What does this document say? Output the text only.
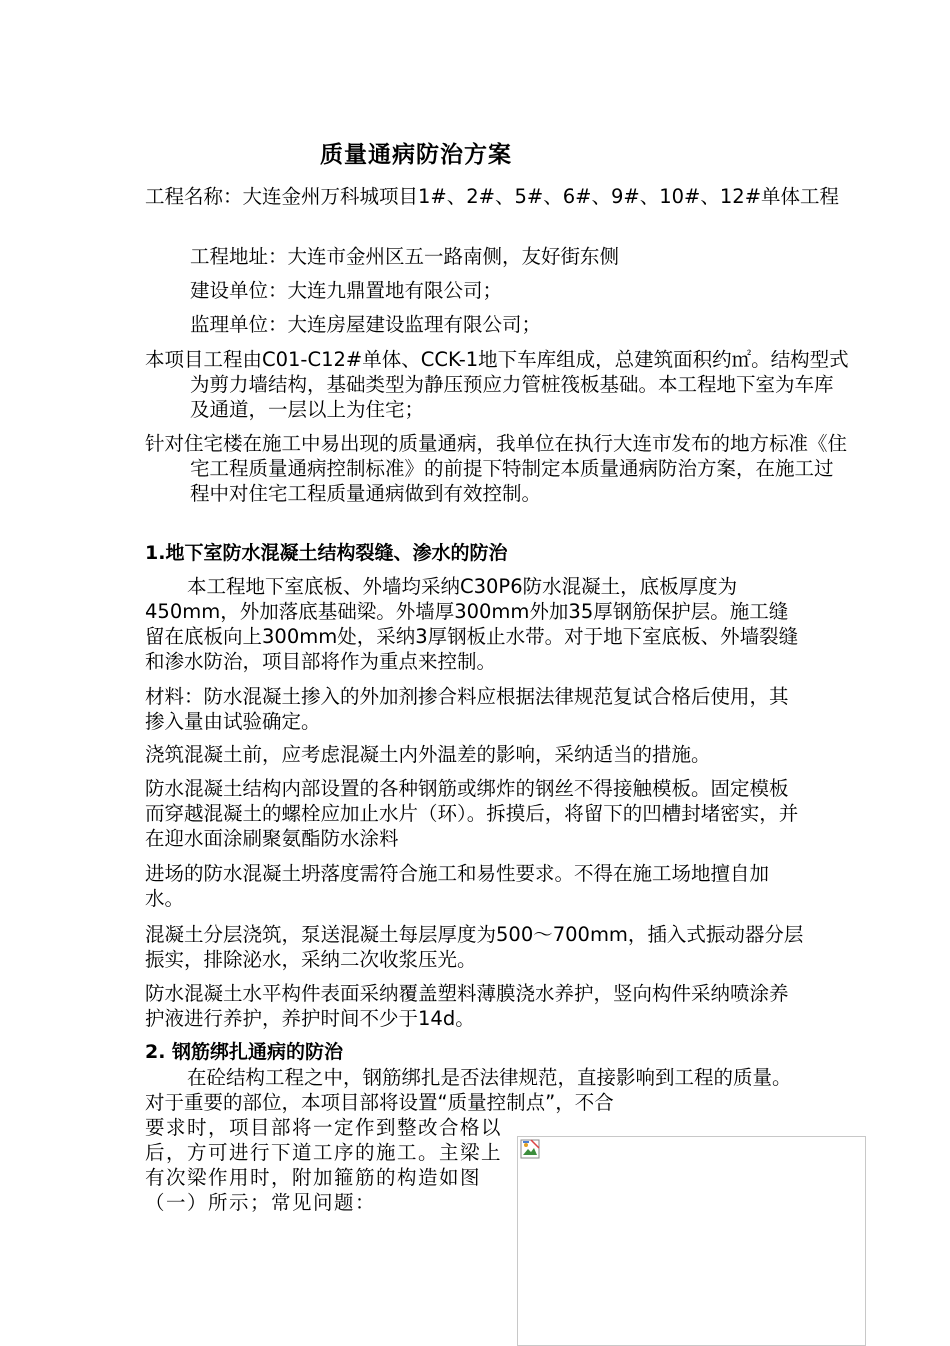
质量通病防治方案
工程名称：大连金州万科城项目1#、2#、5#、6#、9#、10#、12#单体工程
工程地址：大连市金州区五一路南侧，友好街东侧
建设单位：大连九鼎置地有限公司；
监理单位：大连房屋建设监理有限公司；
本项目工程由C01-C12#单体、CCK-1地下车库组成，总建筑面积约㎡。结构型式为剪力墙结构，基础类型为静压预应力管桩筏板基础。本工程地下室为车库及通道，一层以上为住宅；
针对住宅楼在施工中易出现的质量通病，我单位在执行大连市发布的地方标准《住宅工程质量通病控制标准》的前提下特制定本质量通病防治方案，在施工过程中对住宅工程质量通病做到有效控制。
1.地下室防水混凝土结构裂缝、渗水的防治
本工程地下室底板、外墙均采纳C30P6防水混凝土，底板厚度为450mm，外加落底基础梁。外墙厚300mm外加35厚钢筋保护层。施工缝留在底板向上300mm处，采纳3厚钢板止水带。对于地下室底板、外墙裂缝和渗水防治，项目部将作为重点来控制。
材料：防水混凝土掺入的外加剂掺合料应根据法律规范复试合格后使用，其掺入量由试验确定。
浇筑混凝土前，应考虑混凝土内外温差的影响，采纳适当的措施。
防水混凝土结构内部设置的各种钢筋或绑炸的钢丝不得接触模板。固定模板而穿越混凝土的螺栓应加止水片（环）。拆摸后，将留下的凹槽封堵密实，并在迎水面涂刷聚氨酯防水涂料
进场的防水混凝土坍落度需符合施工和易性要求。不得在施工场地擅自加水。
混凝土分层浇筑，泵送混凝土每层厚度为500～700mm，插入式振动器分层振实，排除泌水，采纳二次收浆压光。
防水混凝土水平构件表面采纳覆盖塑料薄膜浇水养护，竖向构件采纳喷涂养护液进行养护，养护时间不少于14d。
2. 钢筋绑扎通病的防治
在砼结构工程之中，钢筋绑扎是否法律规范，直接影响到工程的质量。对于重要的部位，本项目部将设置“质量控制点”，不合
要求时，项目部将一定作到整改合格以后，方可进行下道工序的施工。主梁上有次梁作用时，附加箍筋的构造如图（一）所示；常见问题：
